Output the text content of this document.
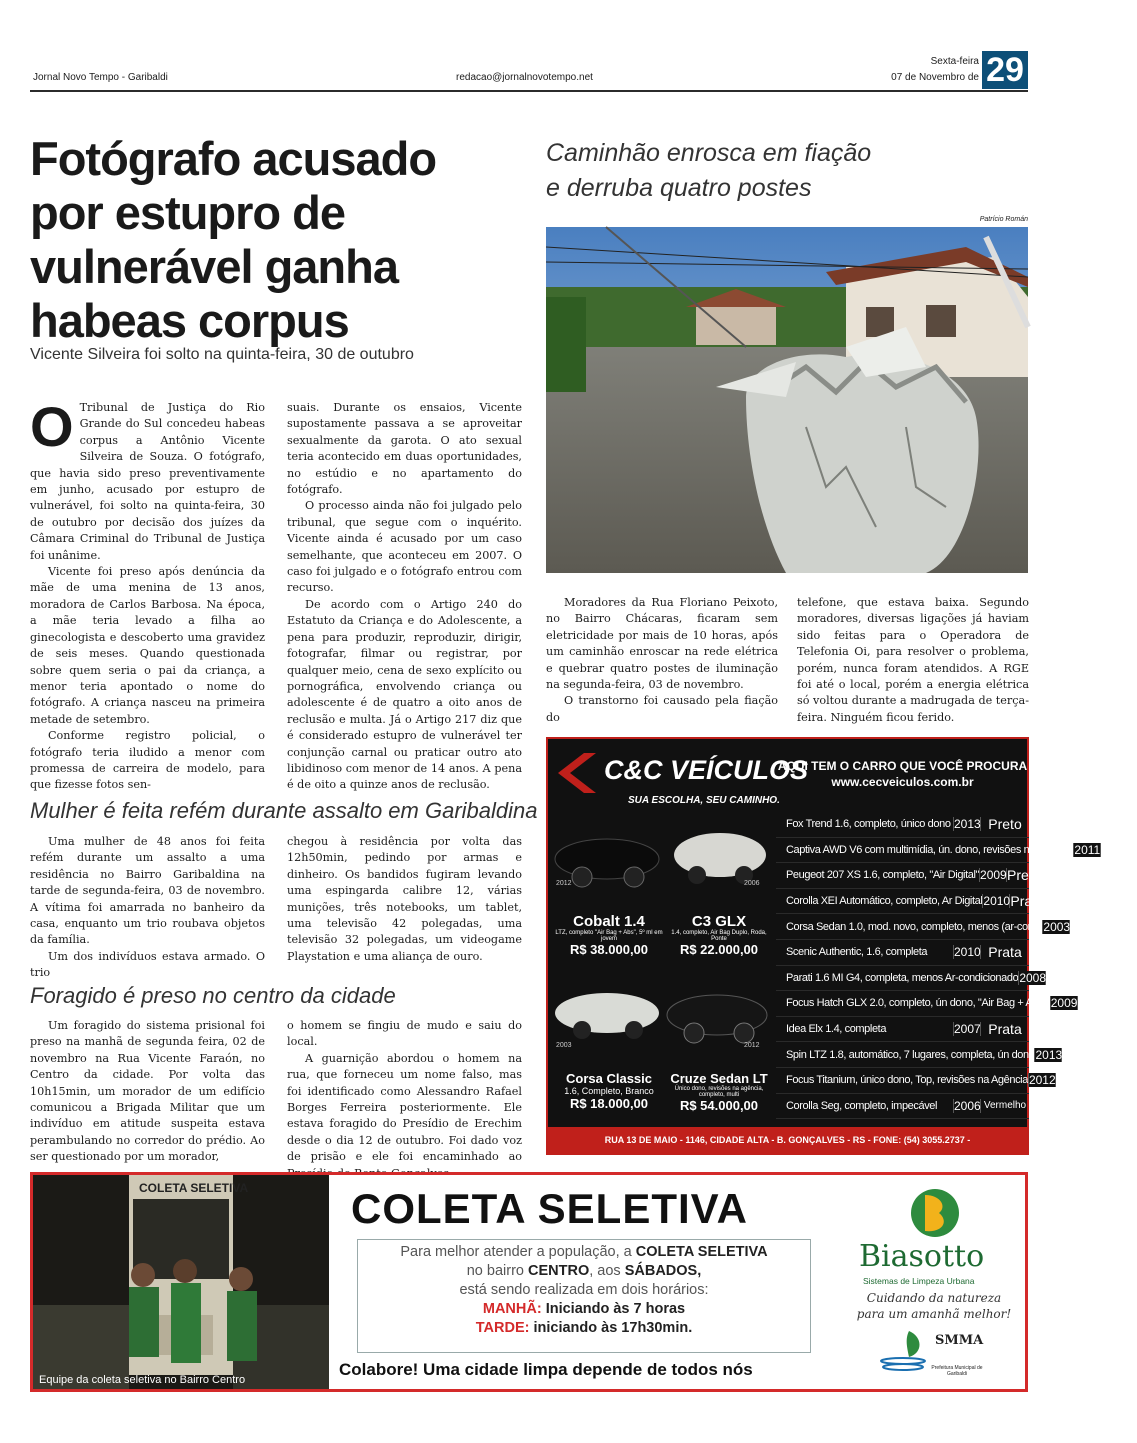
Jornal Novo Tempo - Garibaldi	redacao@jornalnovotempo.net
Sexta-feira
07 de Novembro de 29
Fotógrafo acusado por estupro de vulnerável ganha habeas corpus
Vicente Silveira foi solto na quinta-feira, 30 de outubro
O Tribunal de Justiça do Rio Grande do Sul concedeu habeas corpus a Antônio Vicente Silveira de Souza. O fotógrafo, que havia sido preso preventivamente em junho, acusado por estupro de vulnerável, foi solto na quinta-feira, 30 de outubro por decisão dos juízes da Câmara Criminal do Tribunal de Justiça foi unânime.

Vicente foi preso após denúncia da mãe de uma menina de 13 anos, moradora de Carlos Barbosa. Na época, a mãe teria levado a filha ao ginecologista e descoberto uma gravidez de seis meses. Quando questionada sobre quem seria o pai da criança, a menor teria apontado o nome do fotógrafo. A criança nasceu na primeira metade de setembro.

Conforme registro policial, o fotógrafo teria iludido a menor com promessa de carreira de modelo, para que fizesse fotos sen-

suais. Durante os ensaios, Vicente supostamente passava a se aproveitar sexualmente da garota. O ato sexual teria acontecido em duas oportunidades, no estúdio e no apartamento do fotógrafo.

O processo ainda não foi julgado pelo tribunal, que segue com o inquérito. Vicente ainda é acusado por um caso semelhante, que aconteceu em 2007. O caso foi julgado e o fotógrafo entrou com recurso.

De acordo com o Artigo 240 do Estatuto da Criança e do Adolescente, a pena para produzir, reproduzir, dirigir, fotografar, filmar ou registrar, por qualquer meio, cena de sexo explícito ou pornográfica, envolvendo criança ou adolescente é de quatro a oito anos de reclusão e multa. Já o Artigo 217 diz que é considerado estupro de vulnerável ter conjunção carnal ou praticar outro ato libidinoso com menor de 14 anos. A pena é de oito a quinze anos de reclusão.

Mulher é feita refém durante assalto em Garibaldina

Uma mulher de 48 anos foi feita refém durante um assalto a uma residência no Bairro Garibaldina na tarde de segunda-feira, 03 de novembro. A vítima foi amarrada no banheiro da casa, enquanto um trio roubava objetos da família.

Um dos indivíduos estava armado. O trio

chegou à residência por volta das 12h50min, pedindo por armas e dinheiro. Os bandidos fugiram levando uma espingarda calibre 12, várias munições, três notebooks, um tablet, uma televisão 42 polegadas, uma televisão 32 polegadas, um videogame Playstation e uma aliança de ouro.

Foragido é preso no centro da cidade

Um foragido do sistema prisional foi preso na manhã de segunda feira, 02 de novembro na Rua Vicente Faraón, no Centro da cidade. Por volta das 10h15min, um morador de um edifício comunicou a Brigada Militar que um indivíduo em atitude suspeita estava perambulando no corredor do prédio. Ao ser questionado por um morador,

o homem se fingiu de mudo e saiu do local.

A guarnição abordou o homem na rua, que forneceu um nome falso, mas foi identificado como Alessandro Rafael Borges Ferreira posteriormente. Ele estava foragido do Presídio de Erechim desde o dia 12 de outubro. Foi dado voz de prisão e ele foi encaminhado ao

Caminhão enrosca em fiação
e derruba quatro postes
Patrício Román

Moradores da Rua Floriano Peixoto, no Bairro Chácaras, ficaram sem eletricidade por mais de 10 horas, após um caminhão enroscar na rede elétrica e quebrar quatro postes de iluminação na segunda-feira, 03 de novembro.

O transtorno foi causado pela fiação do

telefone, que estava baixa. Segundo moradores, diversas ligações já haviam sido feitas para o Operadora de Telefonia Oi, para resolver o problema, porém, nunca foram atendidos. A RGE foi até o local, porém a energia elétrica só voltou durante a madrugada de terça-feira. Ninguém ficou ferido.

C&C VEÍCULOS
SUA ESCOLHA, SEU CAMINHO.
AQUI TEM O CARRO QUE VOCÊ PROCURA
www.cecveiculos.com.br
Cobalt 1.4
LTZ, completo "Air Bag + Abs", 5º ml em jovem
R$ 38.000,00
C3 GLX
1.4, completo, Air Bag Duplo, Roda, Ponte
R$ 22.000,00
2012	2006
Corsa Classic
1.6, Completo, Branco
R$ 18.000,00
Cruze Sedan LT
Único dono, revisões na agência, completo, multi
R$ 54.000,00
2003	2012
Fox Trend 1.6, completo, único dono 2013 Preto
Captiva AWD V6 com multimídia, ún. dono, revisões na agência 2011 Cinza
Peugeot 207 XS 1.6, completo, "Air Digital" 2009 Preto
Corolla XEI Automático, completo, Ar Digital 2010 Prata
Corsa Sedan 1.0, mod. novo, completo, menos (ar-cond) 2003 Prata
Scenic Authentic, 1.6, completa	2010 Prata
Parati 1.6 MI G4, completa, menos Ar-condicionado 2008 Prata
Focus Hatch GLX 2.0, completo, ún dono, "Air Bag + ABS" 2009 Prata
Idea Elx 1.4, completa	2007 Prata
Spin LTZ 1.8, automático, 7 lugares, completa, ún dono 2013 Preto
Focus Titanium, único dono, Top, revisões na Agência 2012 Cinza
Corolla Seg, completo, impecável	2006 Vermelho
RUA 13 DE MAIO - 1146, CIDADE ALTA - B. GONÇALVES - RS - FONE: (54) 3055.2737 - cecveiculos@hotmail.com
COLETA SELETIVA
Equipe da coleta seletiva no Bairro Centro
COLETA SELETIVA
Para melhor atender a população, a COLETA SELETIVA
no bairro CENTRO, aos SÁBADOS,
está sendo realizada em dois horários:
MANHÃ: Iniciando às 7 horas
TARDE: iniciando às 17h30min.
Colabore! Uma cidade limpa depende de todos nós
Biasotto
Sistemas de Limpeza Urbana
Cuidando da natureza
para um amanhã melhor!
SMMA
Prefeitura Municipal de Garibaldi
